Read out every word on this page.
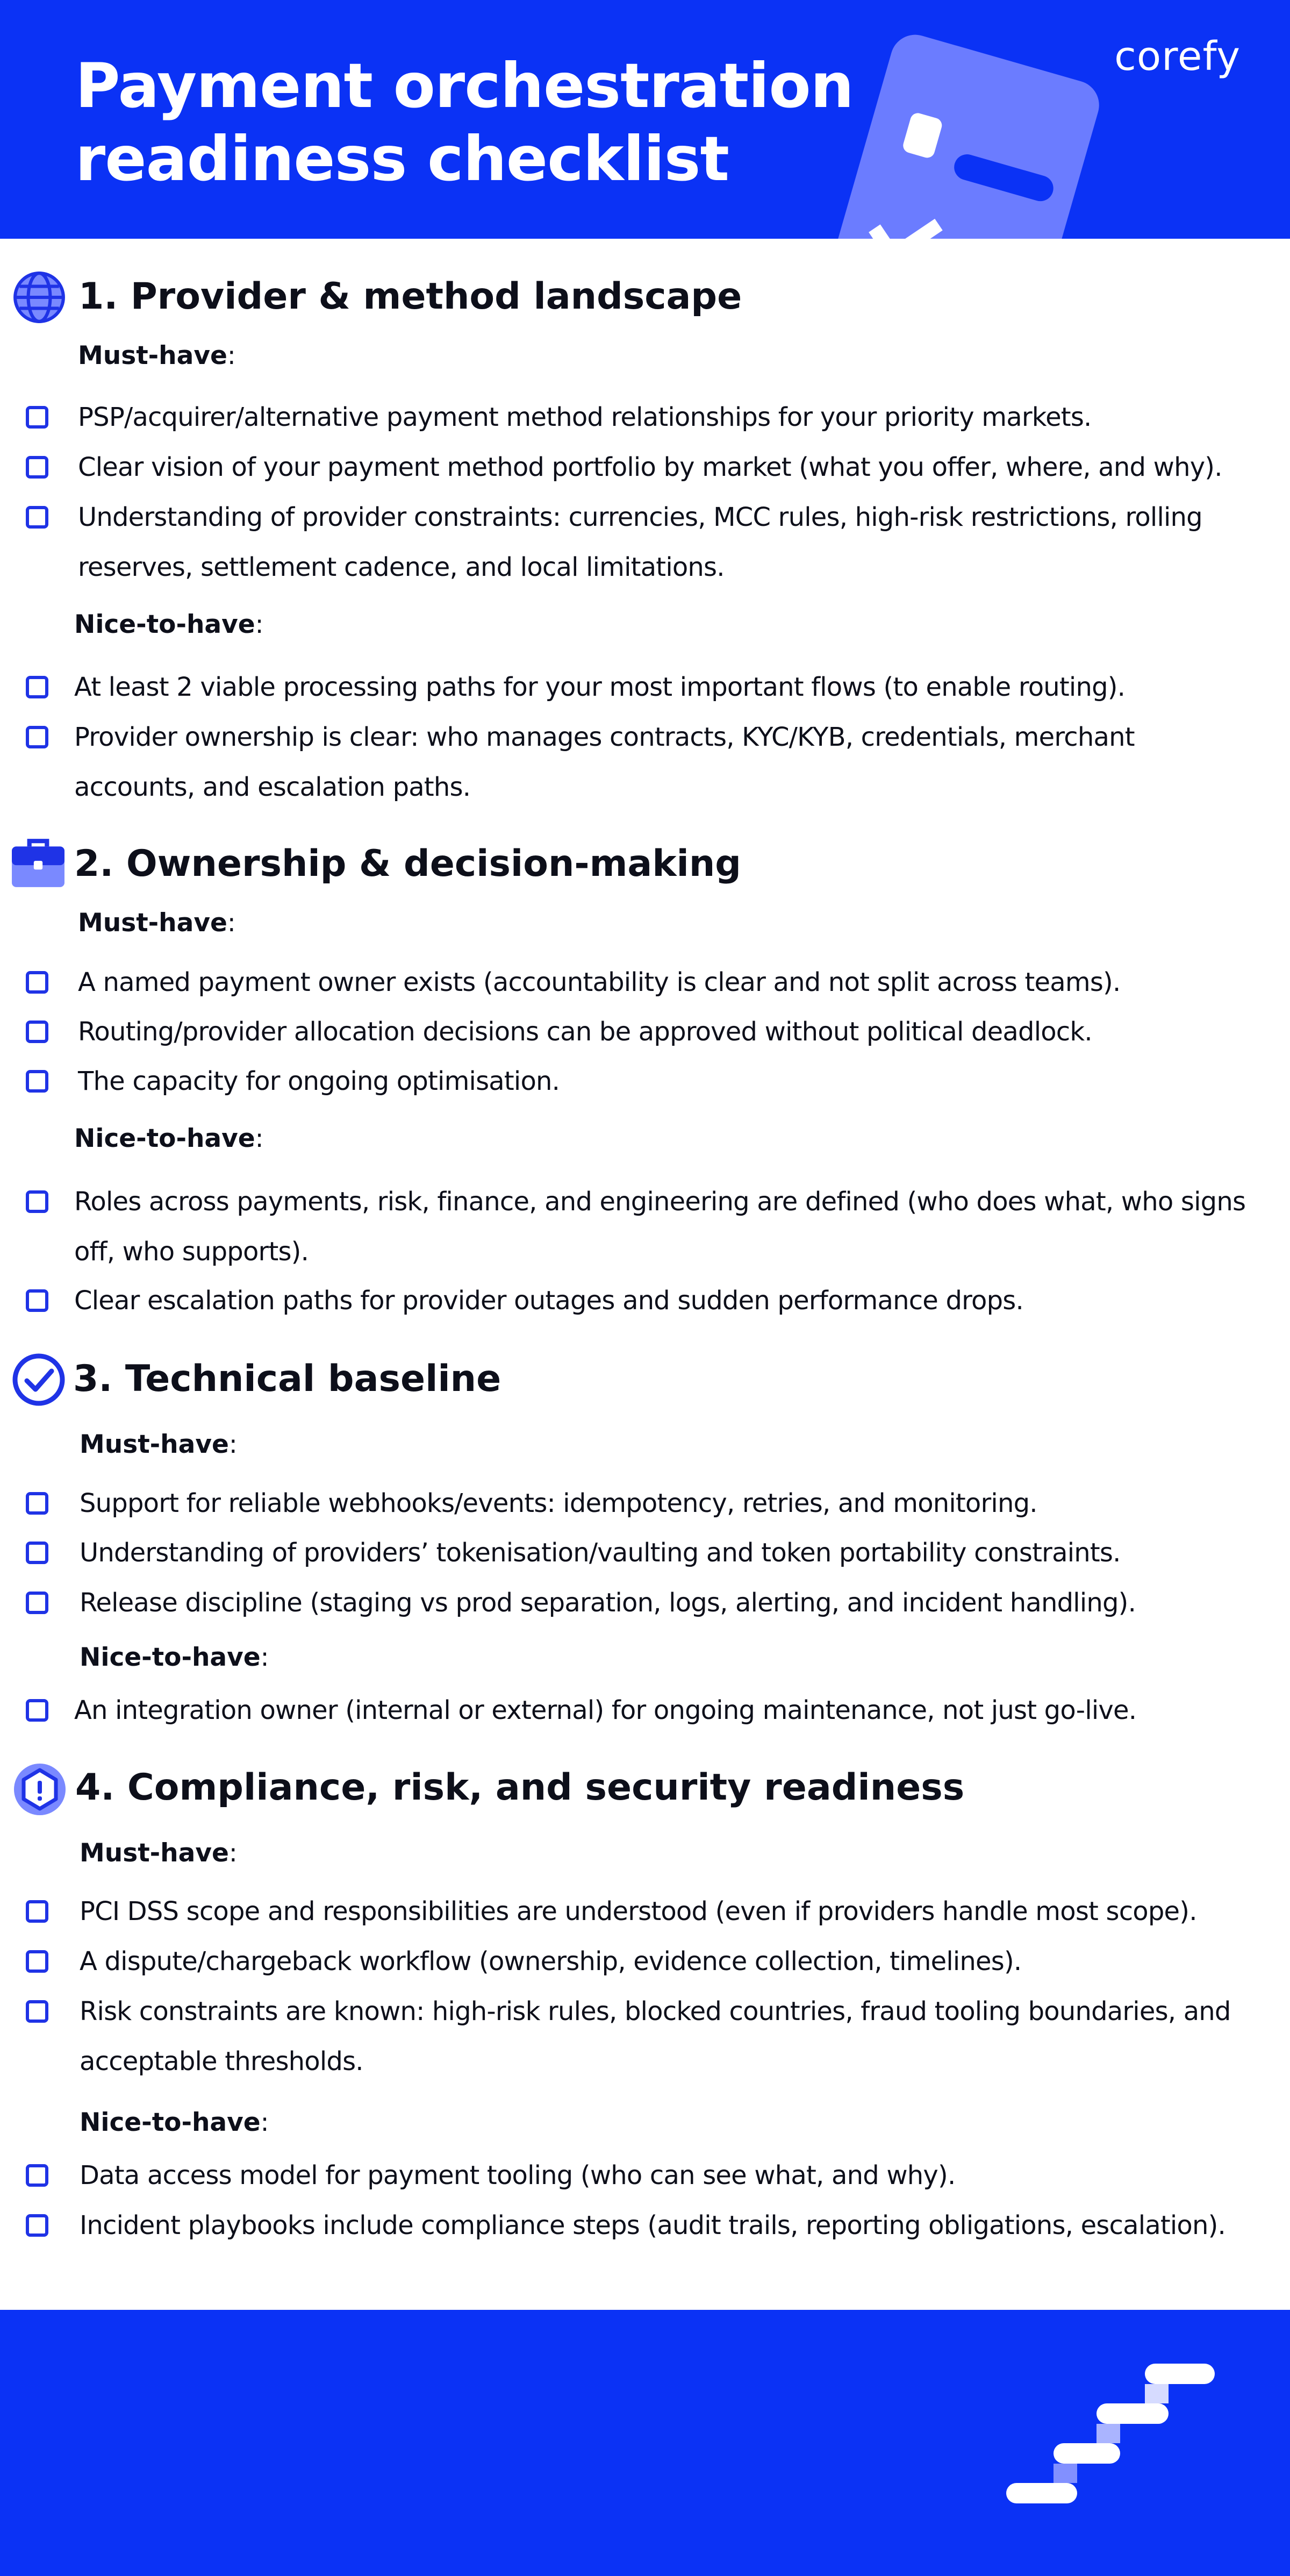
Payment orchestration
readiness checklist
corefy
1. Provider & method landscape
Must-have:
PSP/acquirer/alternative payment method relationships for your priority markets.
Clear vision of your payment method portfolio by market (what you offer, where, and why).
Understanding of provider constraints: currencies, MCC rules, high-risk restrictions, rolling reserves, settlement cadence, and local limitations.
Nice-to-have:
At least 2 viable processing paths for your most important flows (to enable routing).
Provider ownership is clear: who manages contracts, KYC/KYB, credentials, merchant accounts, and escalation paths.
2. Ownership & decision-making
Must-have:
A named payment owner exists (accountability is clear and not split across teams).
Routing/provider allocation decisions can be approved without political deadlock.
The capacity for ongoing optimisation.
Nice-to-have:
Roles across payments, risk, finance, and engineering are defined (who does what, who signs off, who supports).
Clear escalation paths for provider outages and sudden performance drops.
3. Technical baseline
Must-have:
Support for reliable webhooks/events: idempotency, retries, and monitoring.
Understanding of providers’ tokenisation/vaulting and token portability constraints.
Release discipline (staging vs prod separation, logs, alerting, and incident handling).
Nice-to-have:
An integration owner (internal or external) for ongoing maintenance, not just go-live.
4. Compliance, risk, and security readiness
Must-have:
PCI DSS scope and responsibilities are understood (even if providers handle most scope).
A dispute/chargeback workflow (ownership, evidence collection, timelines).
Risk constraints are known: high-risk rules, blocked countries, fraud tooling boundaries, and acceptable thresholds.
Nice-to-have:
Data access model for payment tooling (who can see what, and why).
Incident playbooks include compliance steps (audit trails, reporting obligations, escalation).
